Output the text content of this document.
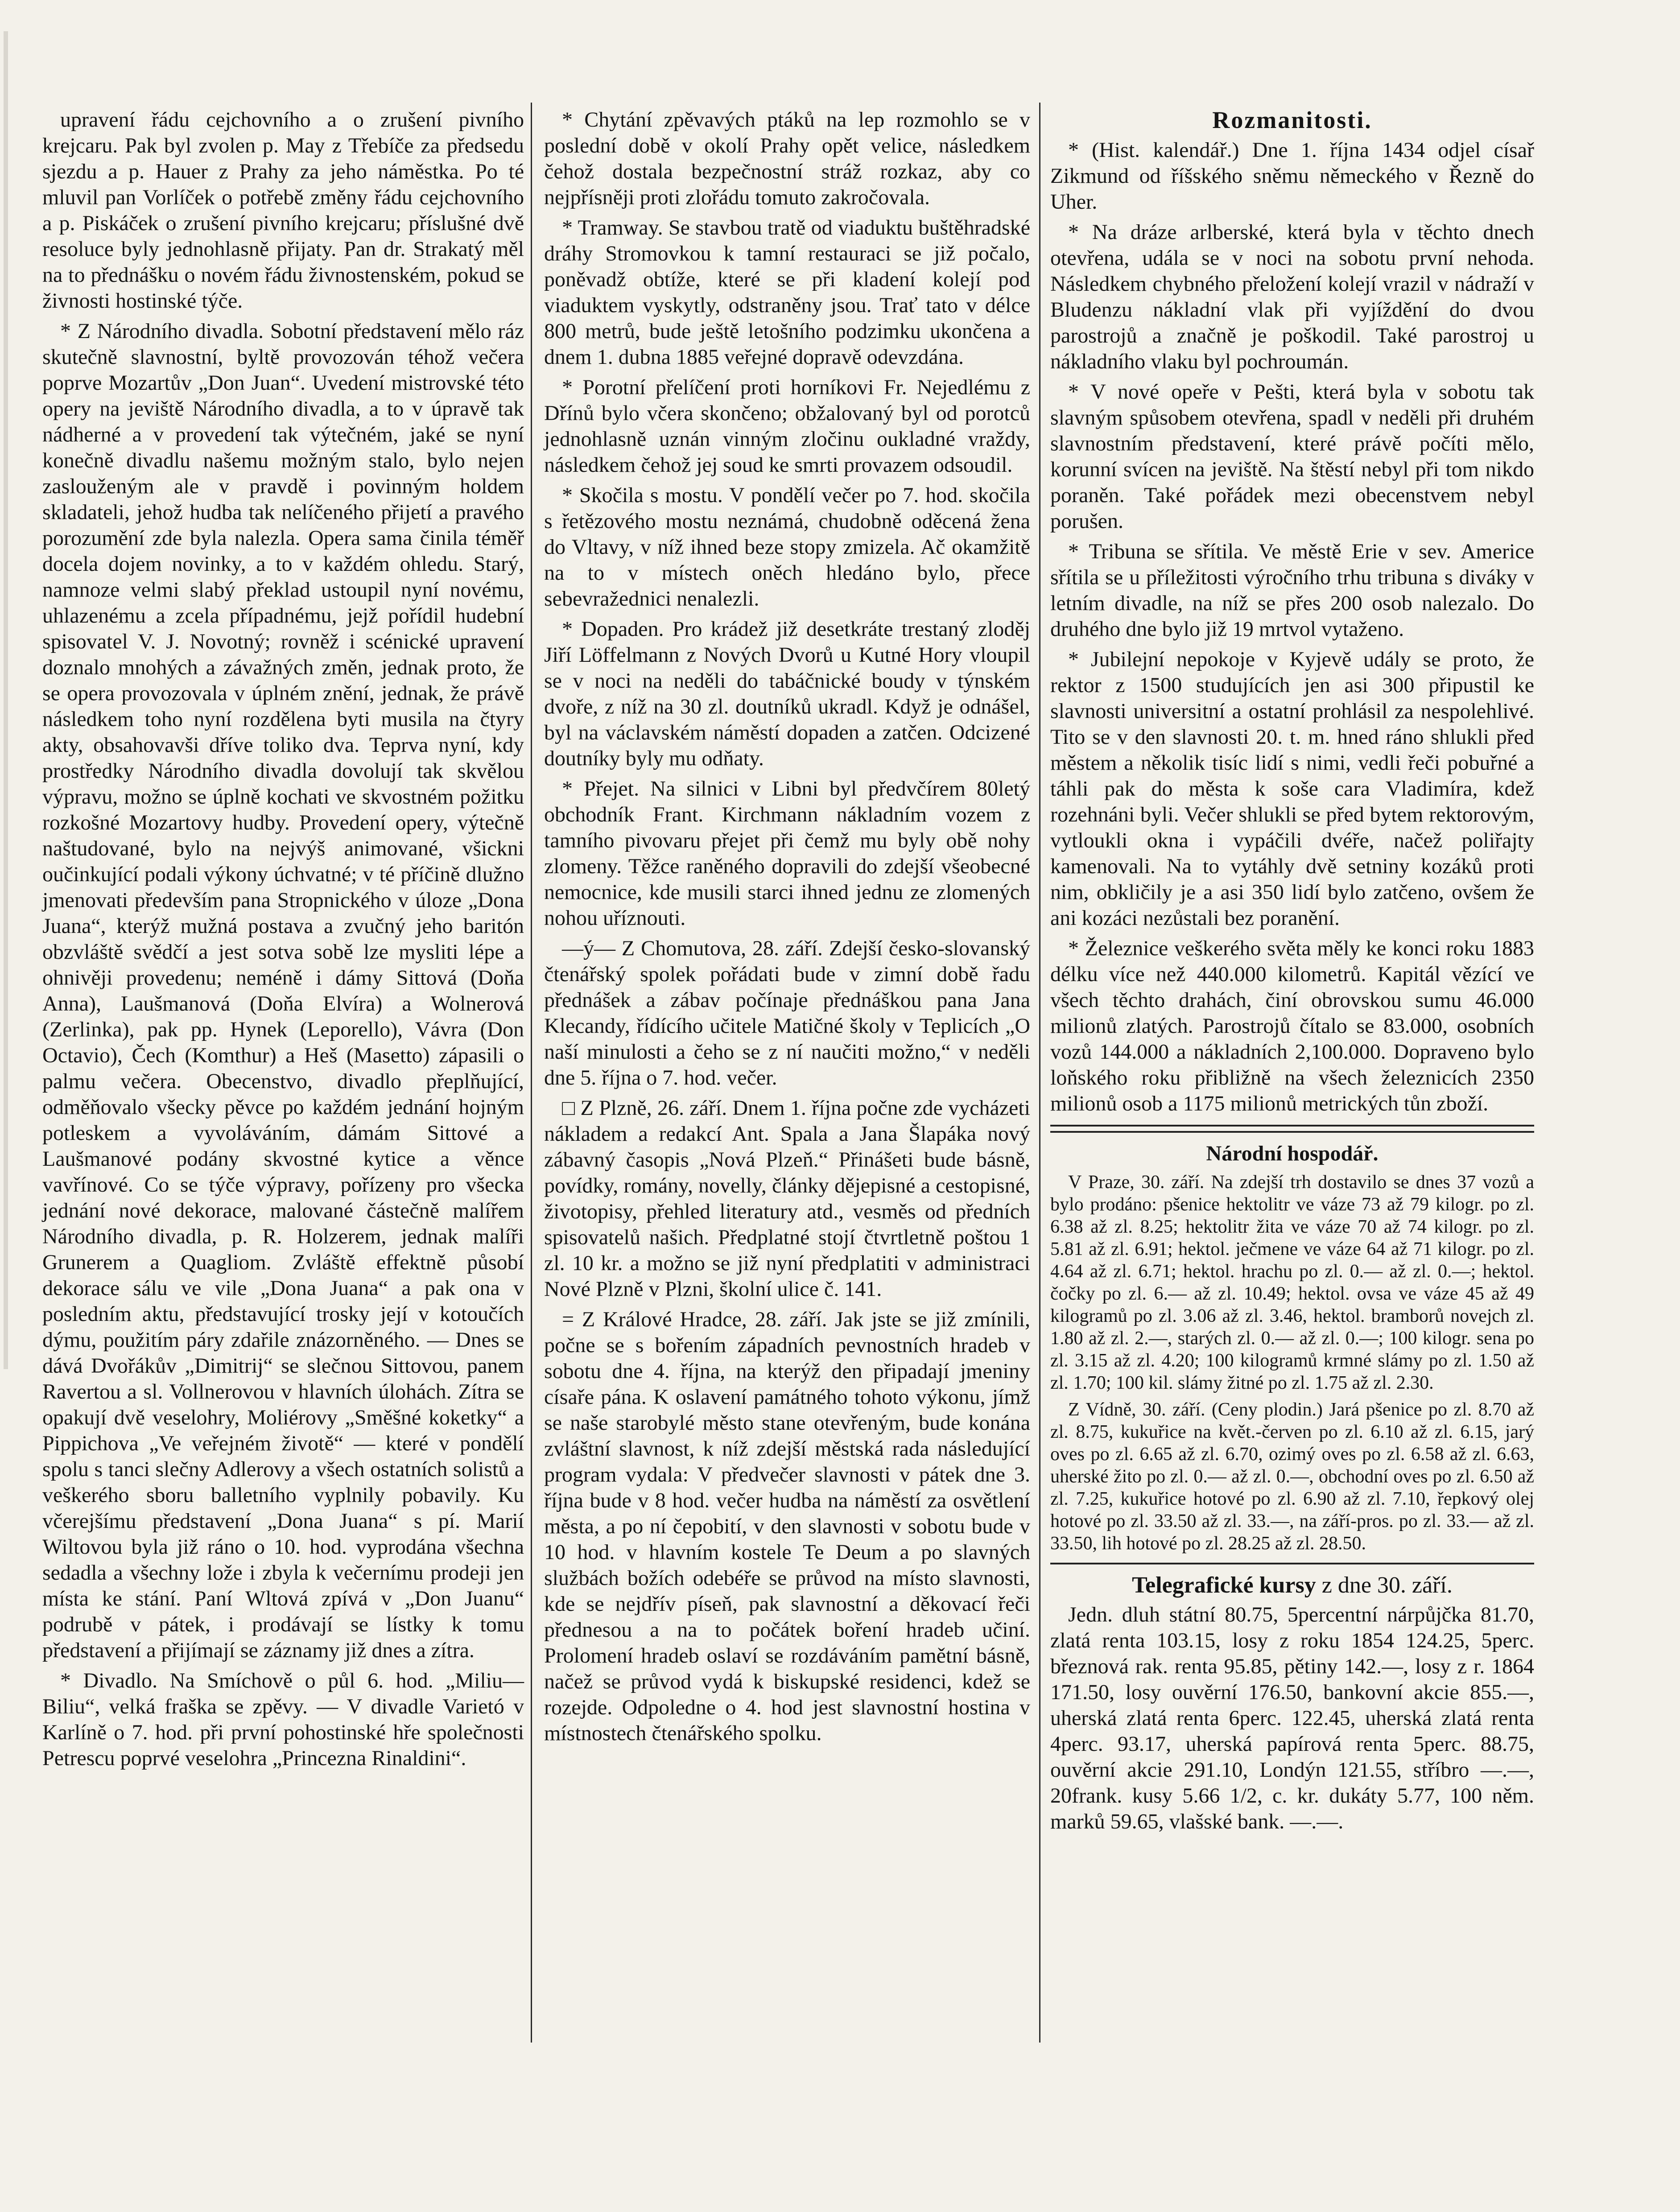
upravení řádu cejchovního a o zrušení pivního krejcaru. Pak byl zvolen p. May z Třebíče za předsedu sjezdu a p. Hauer z Prahy za jeho náměstka. Po té mluvil pan Vorlíček o potřebě změny řádu cejchovního a p. Piskáček o zrušení pivního krejcaru; příslušné dvě resoluce byly jednohlasně přijaty. Pan dr. Strakatý měl na to přednášku o novém řádu živnostenském, pokud se živnosti hostinské týče.

* Z Národního divadla. Sobotní představení mělo ráz skutečně slavnostní, byltě provozován téhož večera poprve Mozartův „Don Juan“. Uvedení mistrovské této opery na jeviště Národního divadla, a to v úpravě tak nádherné a v provedení tak výtečném, jaké se nyní konečně divadlu našemu možným stalo, bylo nejen zaslouženým ale v pravdě i povinným holdem skladateli, jehož hudba tak nelíčeného přijetí a pravého porozumění zde byla nalezla. Opera sama činila téměř docela dojem novinky, a to v každém ohledu. Starý, namnoze velmi slabý překlad ustoupil nyní novému, uhlazenému a zcela případnému, jejž pořídil hudební spisovatel V. J. Novotný; rovněž i scénické upravení doznalo mnohých a závažných změn, jednak proto, že se opera provozovala v úplném znění, jednak, že právě následkem toho nyní rozdělena byti musila na čtyry akty, obsahovavši dříve toliko dva. Teprva nyní, kdy prostředky Národního divadla dovolují tak skvělou výpravu, možno se úplně kochati ve skvostném požitku rozkošné Mozartovy hudby. Provedení opery, výtečně naštudované, bylo na nejvýš animované, všickni oučinkující podali výkony úchvatné; v té příčině dlužno jmenovati především pana Stropnického v úloze „Dona Juana“, kterýž mužná postava a zvučný jeho baritón obzvláště svědčí a jest sotva sobě lze mysliti lépe a ohnivěji provedenu; neméně i dámy Sittová (Doňa Anna), Laušmanová (Doňa Elvíra) a Wolnerová (Zerlinka), pak pp. Hynek (Leporello), Vávra (Don Octavio), Čech (Komthur) a Heš (Masetto) zápasili o palmu večera. Obecenstvo, divadlo přeplňující, odměňovalo všecky pěvce po každém jednání hojným potleskem a vyvoláváním, dámám Sittové a Laušmanové podány skvostné kytice a věnce vavřínové. Co se týče výpravy, pořízeny pro všecka jednání nové dekorace, malované částečně malířem Národního divadla, p. R. Holzerem, jednak malíři Grunerem a Quagliom. Zvláště effektně působí dekorace sálu ve vile „Dona Juana“ a pak ona v posledním aktu, představující trosky její v kotoučích dýmu, použitím páry zdařile znázorněného. — Dnes se dává Dvořákův „Dimitrij“ se slečnou Sittovou, panem Ravertou a sl. Vollnerovou v hlavních úlohách. Zítra se opakují dvě veselohry, Moliérovy „Směšné koketky“ a Pippichova „Ve veřejném životě“ — které v pondělí spolu s tanci slečny Adlerovy a všech ostatních solistů a veškerého sboru balletního vyplnily pobavily. Ku včerejšímu představení „Dona Juana“ s pí. Marií Wiltovou byla již ráno o 10. hod. vyprodána všechna sedadla a všechny lože i zbyla k večernímu prodeji jen místa ke stání. Paní Wltová zpívá v „Don Juanu“ podrubě v pátek, i prodávají se lístky k tomu představení a přijímají se záznamy již dnes a zítra.

* Divadlo. Na Smíchově o půl 6. hod. „Miliu—Biliu“, velká fraška se zpěvy. — V divadle Varietó v Karlíně o 7. hod. při první pohostinské hře společnosti Petrescu poprvé veselohra „Princezna Rinaldini“.

* Chytání zpěvavých ptáků na lep rozmohlo se v poslední době v okolí Prahy opět velice, následkem čehož dostala bezpečnostní stráž rozkaz, aby co nejpřísněji proti zlořádu tomuto zakročovala.

* Tramway. Se stavbou tratě od viaduktu buštěhradské dráhy Stromovkou k tamní restauraci se již počalo, poněvadž obtíže, které se při kladení kolejí pod viaduktem vyskytly, odstraněny jsou. Trať tato v délce 800 metrů, bude ještě letošního podzimku ukončena a dnem 1. dubna 1885 veřejné dopravě odevzdána.

* Porotní přelíčení proti horníkovi Fr. Nejedlému z Dřínů bylo včera skončeno; obžalovaný byl od porotců jednohlasně uznán vinným zločinu oukladné vraždy, následkem čehož jej soud ke smrti provazem odsoudil.

* Skočila s mostu. V pondělí večer po 7. hod. skočila s řetězového mostu neznámá, chudobně oděcená žena do Vltavy, v níž ihned beze stopy zmizela. Ač okamžitě na to v místech oněch hledáno bylo, přece sebevražednici nenalezli.

* Dopaden. Pro krádež již desetkráte trestaný zloděj Jiří Löffelmann z Nových Dvorů u Kutné Hory vloupil se v noci na neděli do tabáčnické boudy v týnském dvoře, z níž na 30 zl. doutníků ukradl. Když je odnášel, byl na václavském náměstí dopaden a zatčen. Odcizené doutníky byly mu odňaty.

* Přejet. Na silnici v Libni byl předvčírem 80letý obchodník Frant. Kirchmann nákladním vozem z tamního pivovaru přejet při čemž mu byly obě nohy zlomeny. Těžce raněného dopravili do zdejší všeobecné nemocnice, kde musili starci ihned jednu ze zlomených nohou uříznouti.

—ý— Z Chomutova, 28. září. Zdejší česko-slovanský čtenářský spolek pořádati bude v zimní době řadu přednášek a zábav počínaje přednáškou pana Jana Klecandy, řídícího učitele Matičné školy v Teplicích „O naší minulosti a čeho se z ní naučiti možno,“ v neděli dne 5. října o 7. hod. večer.

□ Z Plzně, 26. září. Dnem 1. října počne zde vycházeti nákladem a redakcí Ant. Spala a Jana Šlapáka nový zábavný časopis „Nová Plzeň.“ Přinášeti bude básně, povídky, romány, novelly, články dějepisné a cestopisné, životopisy, přehled literatury atd., vesměs od předních spisovatelů našich. Předplatné stojí čtvrtletně poštou 1 zl. 10 kr. a možno se již nyní předplatiti v administraci Nové Plzně v Plzni, školní ulice č. 141.

= Z Králové Hradce, 28. září. Jak jste se již zmínili, počne se s bořením západních pevnostních hradeb v sobotu dne 4. října, na kterýž den připadají jmeniny císaře pána. K oslavení památného tohoto výkonu, jímž se naše starobylé město stane otevřeným, bude konána zvláštní slavnost, k níž zdejší městská rada následující program vydala: V předvečer slavnosti v pátek dne 3. října bude v 8 hod. večer hudba na náměstí za osvětlení města, a po ní čepobití, v den slavnosti v sobotu bude v 10 hod. v hlavním kostele Te Deum a po slavných službách božích odebéře se průvod na místo slavnosti, kde se nejdřív píseň, pak slavnostní a děkovací řeči přednesou a na to počátek boření hradeb učiní. Prolomení hradeb oslaví se rozdáváním pamětní básně, načež se průvod vydá k biskupské residenci, kdež se rozejde. Odpoledne o 4. hod jest slavnostní hostina v místnostech čtenářského spolku.

Rozmanitosti.

* (Hist. kalendář.) Dne 1. října 1434 odjel císař Zikmund od říšského sněmu německého v Řezně do Uher.

* Na dráze arlberské, která byla v těchto dnech otevřena, udála se v noci na sobotu první nehoda. Následkem chybného přeložení kolejí vrazil v nádraží v Bludenzu nákladní vlak při vyjíždění do dvou parostrojů a značně je poškodil. Také parostroj u nákladního vlaku byl pochroumán.

* V nové opeře v Pešti, která byla v sobotu tak slavným spůsobem otevřena, spadl v neděli při druhém slavnostním představení, které právě počíti mělo, korunní svícen na jeviště. Na štěstí nebyl při tom nikdo poraněn. Také pořádek mezi obecenstvem nebyl porušen.

* Tribuna se sřítila. Ve městě Erie v sev. Americe sřítila se u příležitosti výročního trhu tribuna s diváky v letním divadle, na níž se přes 200 osob nalezalo. Do druhého dne bylo již 19 mrtvol vytaženo.

* Jubilejní nepokoje v Kyjevě udály se proto, že rektor z 1500 studujících jen asi 300 připustil ke slavnosti universitní a ostatní prohlásil za nespolehlivé. Tito se v den slavnosti 20. t. m. hned ráno shlukli před městem a několik tisíc lidí s nimi, vedli řeči pobuřné a táhli pak do města k soše cara Vladimíra, kdež rozehnáni byli. Večer shlukli se před bytem rektorovým, vytloukli okna i vypáčili dvéře, načež poliřajty kamenovali. Na to vytáhly dvě setniny kozáků proti nim, obkličily je a asi 350 lidí bylo zatčeno, ovšem že ani kozáci nezůstali bez poranění.

* Železnice veškerého světa měly ke konci roku 1883 délku více než 440.000 kilometrů. Kapitál vězící ve všech těchto drahách, činí obrovskou sumu 46.000 milionů zlatých. Parostrojů čítalo se 83.000, osobních vozů 144.000 a nákladních 2,100.000. Dopraveno bylo loňského roku přibližně na všech železnicích 2350 milionů osob a 1175 milionů metrických tůn zboží.

Národní hospodář.

V Praze, 30. září. Na zdejší trh dostavilo se dnes 37 vozů a bylo prodáno: pšenice hektolitr ve váze 73 až 79 kilogr. po zl. 6.38 až zl. 8.25; hektolitr žita ve váze 70 až 74 kilogr. po zl. 5.81 až zl. 6.91; hektol. ječmene ve váze 64 až 71 kilogr. po zl. 4.64 až zl. 6.71; hektol. hrachu po zl. 0.— až zl. 0.—; hektol. čočky po zl. 6.— až zl. 10.49; hektol. ovsa ve váze 45 až 49 kilogramů po zl. 3.06 až zl. 3.46, hektol. bramborů novejch zl. 1.80 až zl. 2.—, starých zl. 0.— až zl. 0.—; 100 kilogr. sena po zl. 3.15 až zl. 4.20; 100 kilogramů krmné slámy po zl. 1.50 až zl. 1.70; 100 kil. slámy žitné po zl. 1.75 až zl. 2.30.

Z Vídně, 30. září. (Ceny plodin.) Jará pšenice po zl. 8.70 až zl. 8.75, kukuřice na květ.-červen po zl. 6.10 až zl. 6.15, jarý oves po zl. 6.65 až zl. 6.70, ozimý oves po zl. 6.58 až zl. 6.63, uherské žito po zl. 0.— až zl. 0.—, obchodní oves po zl. 6.50 až zl. 7.25, kukuřice hotové po zl. 6.90 až zl. 7.10, řepkový olej hotové po zl. 33.50 až zl. 33.—, na září-pros. po zl. 33.— až zl. 33.50, lih hotové po zl. 28.25 až zl. 28.50.

Telegrafické kursy z dne 30. září.

Jedn. dluh státní 80.75, 5percentní nárpůjčka 81.70, zlatá renta 103.15, losy z roku 1854 124.25, 5perc. březnová rak. renta 95.85, pětiny 142.—, losy z r. 1864 171.50, losy ouvěrní 176.50, bankovní akcie 855.—, uherská zlatá renta 6perc. 122.45, uherská zlatá renta 4perc. 93.17, uherská papírová renta 5perc. 88.75, ouvěrní akcie 291.10, Londýn 121.55, stříbro —.—, 20frank. kusy 5.66 1/2, c. kr. dukáty 5.77, 100 něm. marků 59.65, vlašské bank. —.—.
